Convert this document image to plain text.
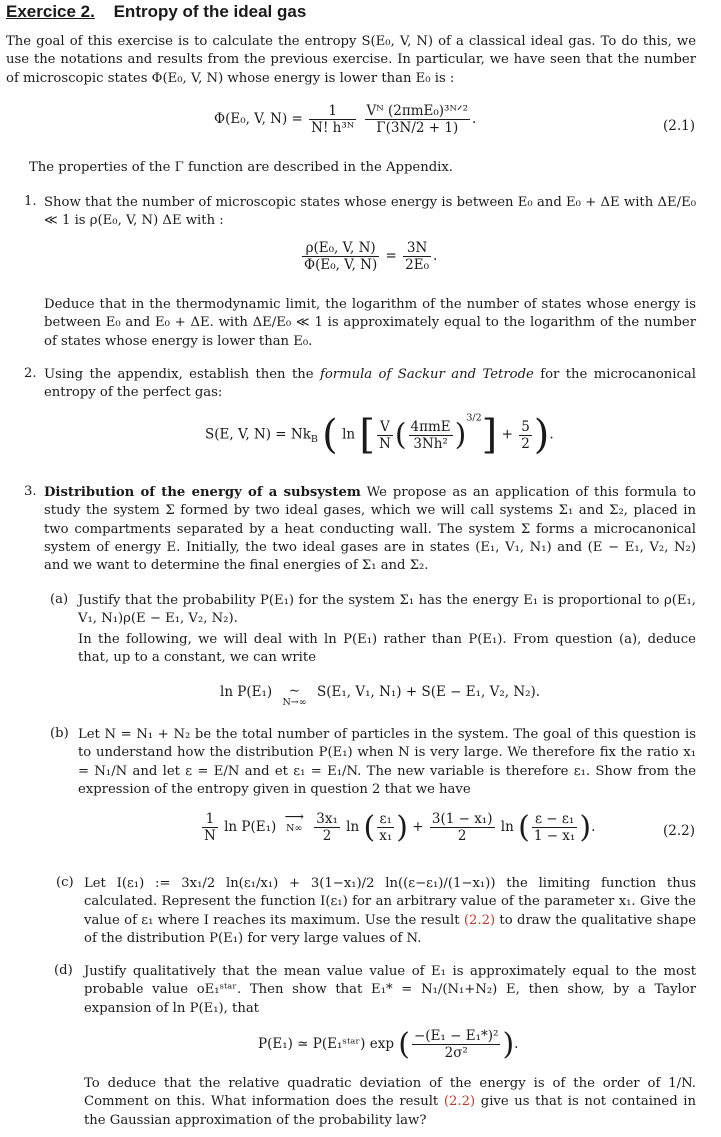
Exercice 2. Entropy of the ideal gas
The goal of this exercise is to calculate the entropy S(E₀, V, N) of a classical ideal gas. To do this, we use the notations and results from the previous exercise. In particular, we have seen that the number of microscopic states Φ(E₀, V, N) whose energy is lower than E₀ is :
Φ(E₀, V, $N) = \frac{1}{\text{N! h³ᴺ}}$
$\frac{\text{Vᴺ (2πmE₀)³ᴺᐟ²}}{\Gamma(3N/2 + 1)}$ .	(2.1)
The properties of the Γ function are described in the Appendix.
1. Show that the number of microscopic states whose energy is between E₀ and E₀ + ΔE with ΔE/E₀ ≪ 1 is ρ(E₀, V, N) ΔE with :
$\frac{\text{ρ(E₀, V, N)}}{\text{Φ(E₀, V, N)}} = \frac{3N}{\text{2E₀}}$ .
Deduce that in the thermodynamic limit, the logarithm of the number of states whose energy is between E₀ and E₀ + ΔE. with ΔE/E₀ ≪ 1 is approximately equal to the logarithm of the number of states whose energy is lower than E₀.
2. Using the appendix, establish then the formula of Sackur and Tetrode for the microcanonical entropy of the perfect gas:
S(E, V, $N) = Nk_B$ ( ln [ $\frac{V}{N}$ ( $\frac{\text{4πmE}}{\text{3Nh²}} )^{3/2}] + \frac{5}{2}$ ).
3. Distribution of the energy of a subsystem We propose as an application of this formula to study the system Σ formed by two ideal gases, which we will call systems Σ₁ and Σ₂, placed in two compartments separated by a heat conducting wall. The system Σ forms a microcanonical system of energy E. Initially, the two ideal gases are in states (E₁, V₁, N₁) and (E − E₁, V₂, N₂) and we want to determine the final energies of Σ₁ and Σ₂.
(a) Justify that the probability P(E₁) for the system Σ₁ has the energy E₁ is proportional to ρ(E₁, V₁, N₁)ρ(E − E₁, V₂, N₂).
In the following, we will deal with ln P(E₁) rather than P(E₁). From question (a), deduce that, up to a constant, we can write
ln P(E₁)	∼
N→∞
S(E₁, V₁, N₁) + S(E − E₁, V₂, N₂).
(b) Let N = N₁ + N₂ be the total number of particles in the system. The goal of this question is to understand how the distribution P(E₁) when N is very large. We therefore fix the ratio x₁ = N₁/N and let ε = E/N and et ε₁ = E₁/N. The new variable is therefore ε₁. Show from the expression of the entropy given in question 2 that we have
$\frac{1}{N}$ ln P(E₁)
⟶
N∞
$\frac{\text{3x₁}}{2}$ ln ( $\frac{\text{ε₁}}{\text{x₁}}$ ) + $\frac{\text{3(1 − x₁)}}{2}$ ln ( $\frac{\text{ε − ε₁}}{\text{1 − x₁}}$ ).	(2.2)
(c) Let I(ε₁) := 3x₁/2 ln(ε₁/x₁) + 3(1−x₁)/2 ln((ε−ε₁)/(1−x₁)) the limiting function thus calculated. Represent the function I(ε₁) for an arbitrary value of the parameter x₁. Give the value of ε₁ where I reaches its maximum. Use the result (2.2) to draw the qualitative shape of the distribution P(E₁) for very large values of N.
(d) Justify qualitatively that the mean value value of E₁ is approximately equal to the most probable value oE₁ˢᵗᵃʳ. Then show that E₁* = N₁/(N₁+N₂) E, then show, by a Taylor expansion of ln P(E₁), that
P(E₁) ≃ P(E₁ˢᵗᵃʳ) exp ( $\frac{\text{−(E₁ − E₁*)²}}{\text{2σ²}}$ ).
To deduce that the relative quadratic deviation of the energy is of the order of 1/N. Comment on this. What information does the result (2.2) give us that is not contained in the Gaussian approximation of the probability law?
